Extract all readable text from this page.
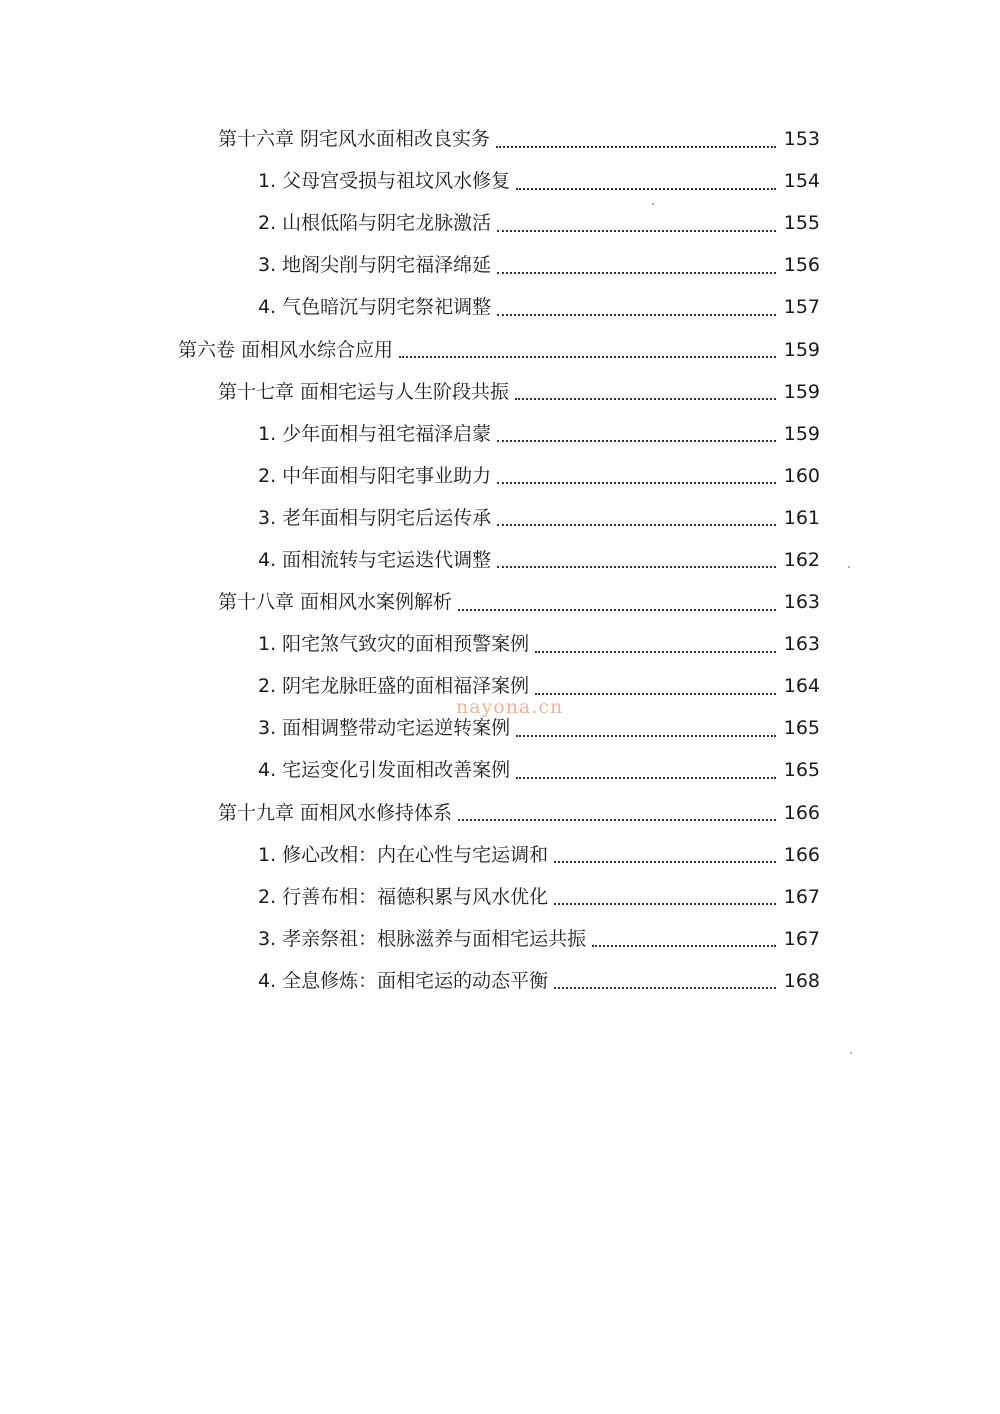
第十六章 阴宅风水面相改良实务	153
1. 父母宫受损与祖坟风水修复	154
2. 山根低陷与阴宅龙脉激活	155
3. 地阁尖削与阴宅福泽绵延	156
4. 气色暗沉与阴宅祭祀调整	157
第六卷 面相风水综合应用	159
第十七章 面相宅运与人生阶段共振	159
1. 少年面相与祖宅福泽启蒙	159
2. 中年面相与阳宅事业助力	160
3. 老年面相与阴宅后运传承	161
4. 面相流转与宅运迭代调整	162
第十八章 面相风水案例解析	163
1. 阳宅煞气致灾的面相预警案例	163
2. 阴宅龙脉旺盛的面相福泽案例	164
3. 面相调整带动宅运逆转案例	165
4. 宅运变化引发面相改善案例	165
第十九章 面相风水修持体系	166
1. 修心改相：内在心性与宅运调和	166
2. 行善布相：福德积累与风水优化	167
3. 孝亲祭祖：根脉滋养与面相宅运共振	167
4. 全息修炼：面相宅运的动态平衡	168
nayona.cn
